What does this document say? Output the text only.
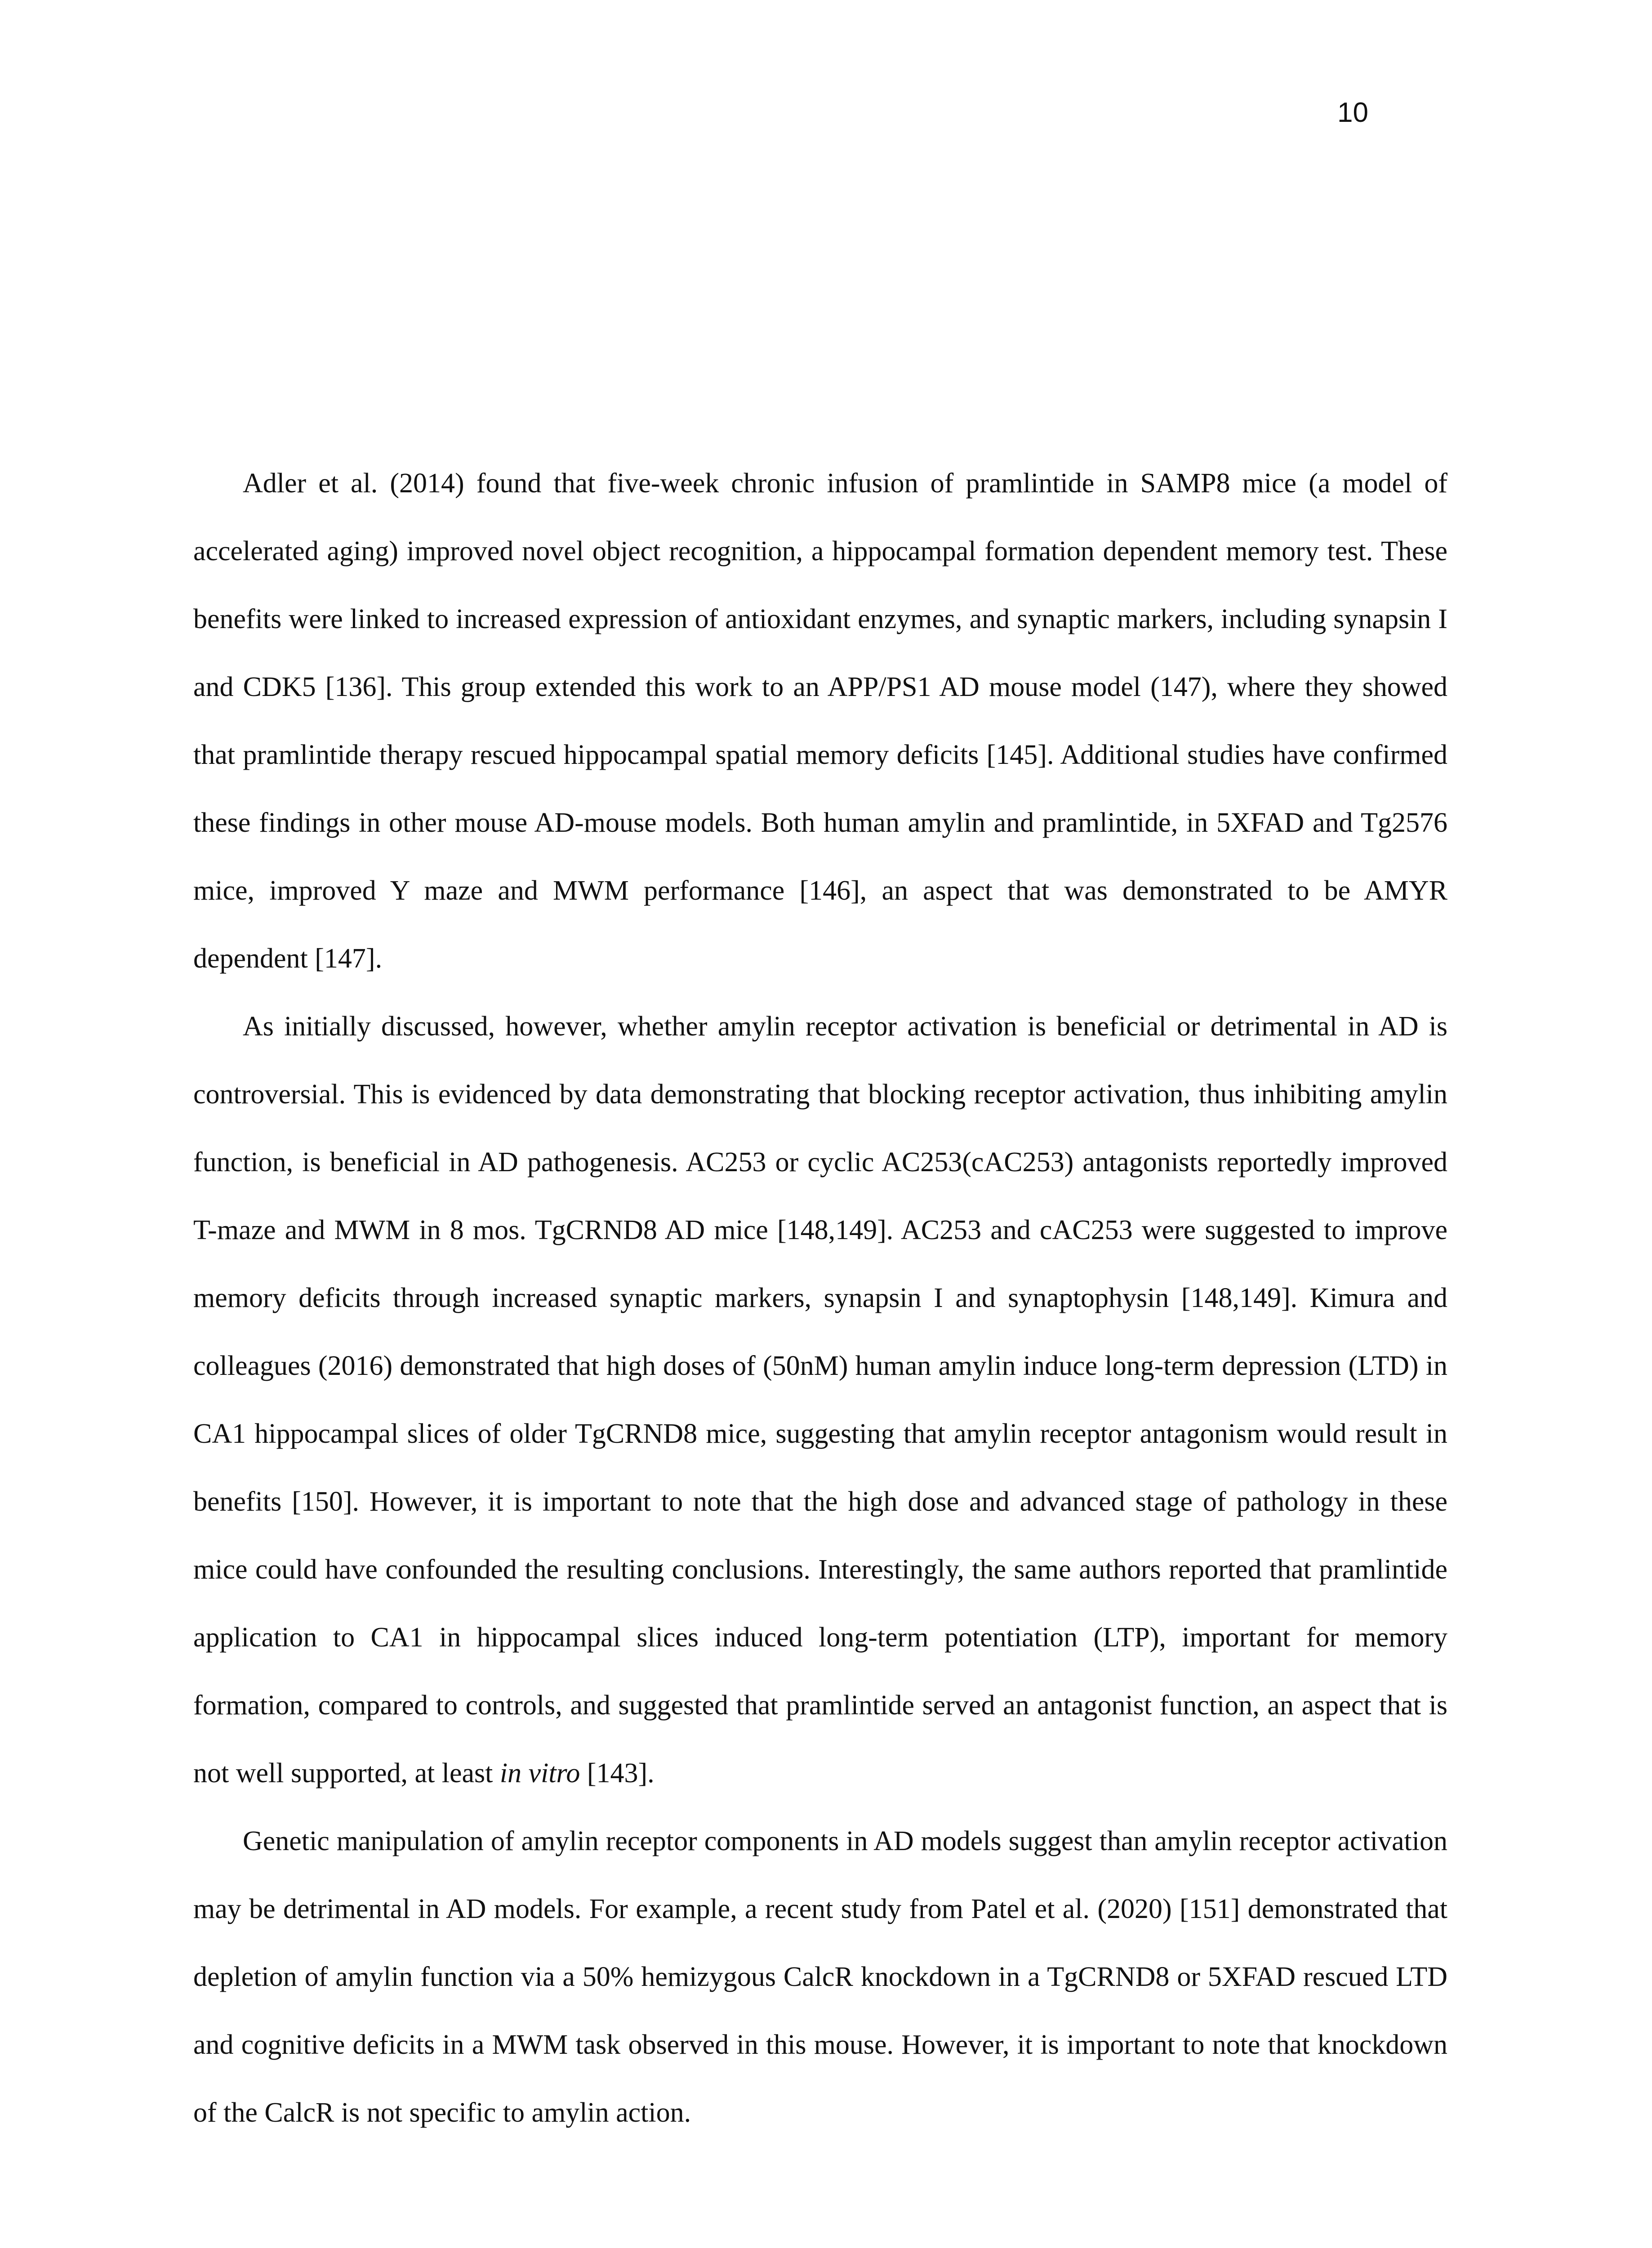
10

Adler et al. (2014) found that five-week chronic infusion of pramlintide in SAMP8 mice (a model of accelerated aging) improved novel object recognition, a hippocampal formation dependent memory test. These benefits were linked to increased expression of antioxidant enzymes, and synaptic markers, including synapsin I and CDK5 [136]. This group extended this work to an APP/PS1 AD mouse model (147), where they showed that pramlintide therapy rescued hippocampal spatial memory deficits [145]. Additional studies have confirmed these findings in other mouse AD-mouse models. Both human amylin and pramlintide, in 5XFAD and Tg2576 mice, improved Y maze and MWM performance [146], an aspect that was demonstrated to be AMYR dependent [147].

As initially discussed, however, whether amylin receptor activation is beneficial or detrimental in AD is controversial. This is evidenced by data demonstrating that blocking receptor activation, thus inhibiting amylin function, is beneficial in AD pathogenesis. AC253 or cyclic AC253(cAC253) antagonists reportedly improved T-maze and MWM in 8 mos. TgCRND8 AD mice [148,149]. AC253 and cAC253 were suggested to improve memory deficits through increased synaptic markers, synapsin I and synaptophysin [148,149]. Kimura and colleagues (2016) demonstrated that high doses of (50nM) human amylin induce long-term depression (LTD) in CA1 hippocampal slices of older TgCRND8 mice, suggesting that amylin receptor antagonism would result in benefits [150]. However, it is important to note that the high dose and advanced stage of pathology in these mice could have confounded the resulting conclusions. Interestingly, the same authors reported that pramlintide application to CA1 in hippocampal slices induced long-term potentiation (LTP), important for memory formation, compared to controls, and suggested that pramlintide served an antagonist function, an aspect that is not well supported, at least in vitro [143].

Genetic manipulation of amylin receptor components in AD models suggest than amylin receptor activation may be detrimental in AD models. For example, a recent study from Patel et al. (2020) [151] demonstrated that depletion of amylin function via a 50% hemizygous CalcR knockdown in a TgCRND8 or 5XFAD rescued LTD and cognitive deficits in a MWM task observed in this mouse. However, it is important to note that knockdown of the CalcR is not specific to amylin action.
